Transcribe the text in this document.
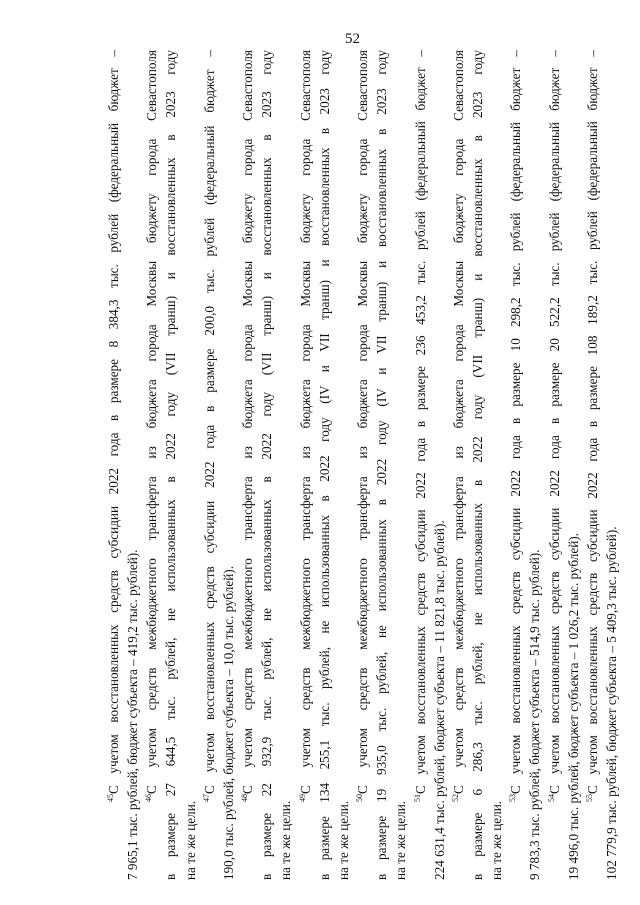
52
$^{45}$С учетом восстановленных средств субсидии 2022 года в размере 8 384,3 тыс. рублей (федеральный бюджет – 7 965,1 тыс. рублей, бюджет субъекта – 419,2 тыс. рублей). $^{46}$С учетом средств межбюджетного трансферта из бюджета города Москвы бюджету города Севастополя в размере 27 644,5 тыс. рублей, не использованных в 2022 году (VII транш) и восстановленных в 2023 году на те же цели.
$^{47}$С учетом восстановленных средств субсидии 2022 года в размере 200,0 тыс. рублей (федеральный бюджет – 190,0 тыс. рублей, бюджет субъекта – 10,0 тыс. рублей). $^{48}$С учетом средств межбюджетного трансферта из бюджета города Москвы бюджету города Севастополя в размере 22 932,9 тыс. рублей, не использованных в 2022 году (VII транш) и восстановленных в 2023 году на те же цели.
$^{49}$С учетом средств межбюджетного трансферта из бюджета города Москвы бюджету города Севастополя в размере 134 255,1 тыс. рублей, не использованных в 2022 году (IV и VII транш) и восстановленных в 2023 году на те же цели.
$^{50}$С учетом средств межбюджетного трансферта из бюджета города Москвы бюджету города Севастополя в размере 19 935,0 тыс. рублей, не использованных в 2022 году (IV и VII транш) и восстановленных в 2023 году на те же цели.
$^{51}$С учетом восстановленных средств субсидии 2022 года в размере 236 453,2 тыс. рублей (федеральный бюджет – 224 631,4 тыс. рублей, бюджет субъекта – 11 821,8 тыс. рублей). $^{52}$С учетом средств межбюджетного трансферта из бюджета города Москвы бюджету города Севастополя в размере 6 286,3 тыс. рублей, не использованных в 2022 году (VII транш) и восстановленных в 2023 году на те же цели.
$^{53}$С учетом восстановленных средств субсидии 2022 года в размере 10 298,2 тыс. рублей (федеральный бюджет – 9 783,3 тыс. рублей, бюджет субъекта – 514,9 тыс. рублей). $^{54}$С учетом восстановленных средств субсидии 2022 года в размере 20 522,2 тыс. рублей (федеральный бюджет – 19 496,0 тыс. рублей, бюджет субъекта – 1 026,2 тыс. рублей). $^{55}$С учетом восстановленных средств субсидии 2022 года в размере 108 189,2 тыс. рублей (федеральный бюджет – 102 779,9 тыс. рублей, бюджет субъекта – 5 409,3 тыс. рублей).
